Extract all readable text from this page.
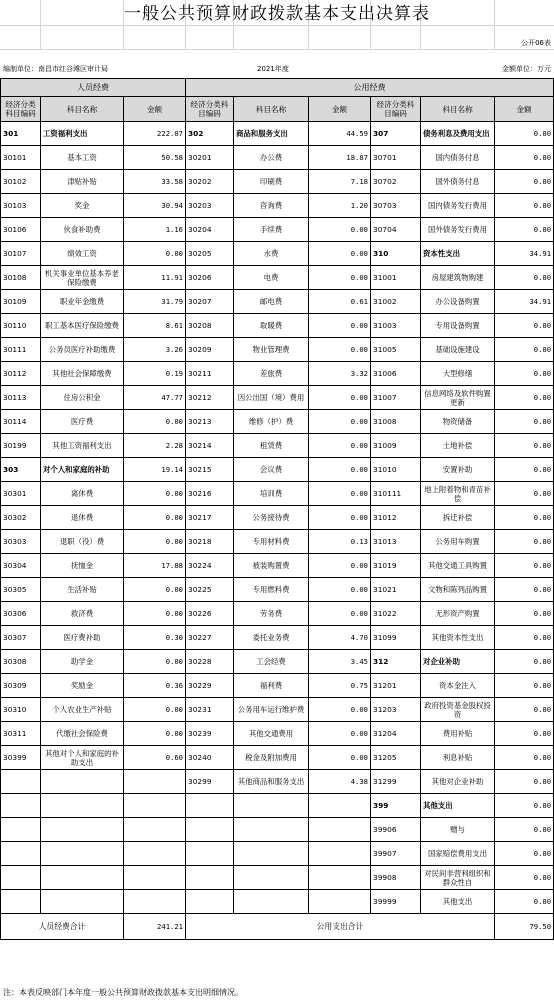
一般公共预算财政拨款基本支出决算表
公开06表
编制单位：南昌市红谷滩区审计局	2021年度	金额单位：万元
人员经费			公用经费					
经济分类科目编码	科目名称	金额	经济分类科目编码	科目名称	金额	经济分类科目编码	科目名称	金额
301	工资福利支出	222.07	302	商品和服务支出	44.59	307	债务利息及费用支出	0.00
30101	基本工资	50.58	30201	办公费	18.87	30701	国内债务付息	0.00
30102	津贴补贴	33.58	30202	印刷费	7.18	30702	国外债务付息	0.00
30103	奖金	30.94	30203	咨询费	1.20	30703	国内债务发行费用	0.00
30106	伙食补助费	1.16	30204	手续费	0.00	30704	国外债务发行费用	0.00
30107	绩效工资	0.00	30205	水费	0.00	310	资本性支出	34.91
30108	机关事业单位基本养老保险缴费	11.91	30206	电费	0.00	31001	房屋建筑物购建	0.00
30109	职业年金缴费	31.79	30207	邮电费	0.61	31002	办公设备购置	34.91
30110	职工基本医疗保险缴费	8.61	30208	取暖费	0.00	31003	专用设备购置	0.00
30111	公务员医疗补助缴费	3.26	30209	物业管理费	0.00	31005	基础设施建设	0.00
30112	其他社会保障缴费	0.19	30211	差旅费	3.32	31006	大型修缮	0.00
30113	住房公积金	47.77	30212	因公出国（境）费用	0.00	31007	信息网络及软件购置更新	0.00
30114	医疗费	0.00	30213	维修（护）费	0.00	31008	物资储备	0.00
30199	其他工资福利支出	2.28	30214	租赁费	0.00	31009	土地补偿	0.00
303	对个人和家庭的补助	19.14	30215	会议费	0.00	31010	安置补助	0.00
30301	离休费	0.00	30216	培训费	0.00	310111	地上附着物和青苗补偿	0.00
30302	退休费	0.00	30217	公务接待费	0.00	31012	拆迁补偿	0.00
30303	退职（役）费	0.00	30218	专用材料费	0.13	31013	公务用车购置	0.00
30304	抚恤金	17.88	30224	被装购置费	0.00	31019	其他交通工具购置	0.00
30305	生活补贴	0.00	30225	专用燃料费	0.00	31021	文物和陈列品购置	0.00
30306	救济费	0.00	30226	劳务费	0.00	31022	无形资产购置	0.00
30307	医疗费补助	0.30	30227	委托业务费	4.70	31099	其他资本性支出	0.00
30308	助学金	0.00	30228	工会经费	3.45	312	对企业补助	0.00
30309	奖励金	0.36	30229	福利费	0.75	31201	资本金注入	0.00
30310	个人农业生产补贴	0.00	30231	公务用车运行维护费	0.00	31203	政府投资基金股权投资	0.00
30311	代缴社会保险费	0.00	30239	其他交通费用	0.00	31204	费用补贴	0.00
30399	其他对个人和家庭的补助支出	0.60	30240	税金及附加费用	0.00	31205	利息补贴	0.00
			30299	其他商品和服务支出	4.38	31299	其他对企业补助	0.00
						399	其他支出	0.00
						39906	赠与	0.00
						39907	国家赔偿费用支出	0.00
						39908	对民间非营利组织和群众性自	0.00
						39999	其他支出	0.00
人员经费合计		241.21	公用支出合计					79.50
注：本表反映部门本年度一般公共预算财政拨款基本支出明细情况。
